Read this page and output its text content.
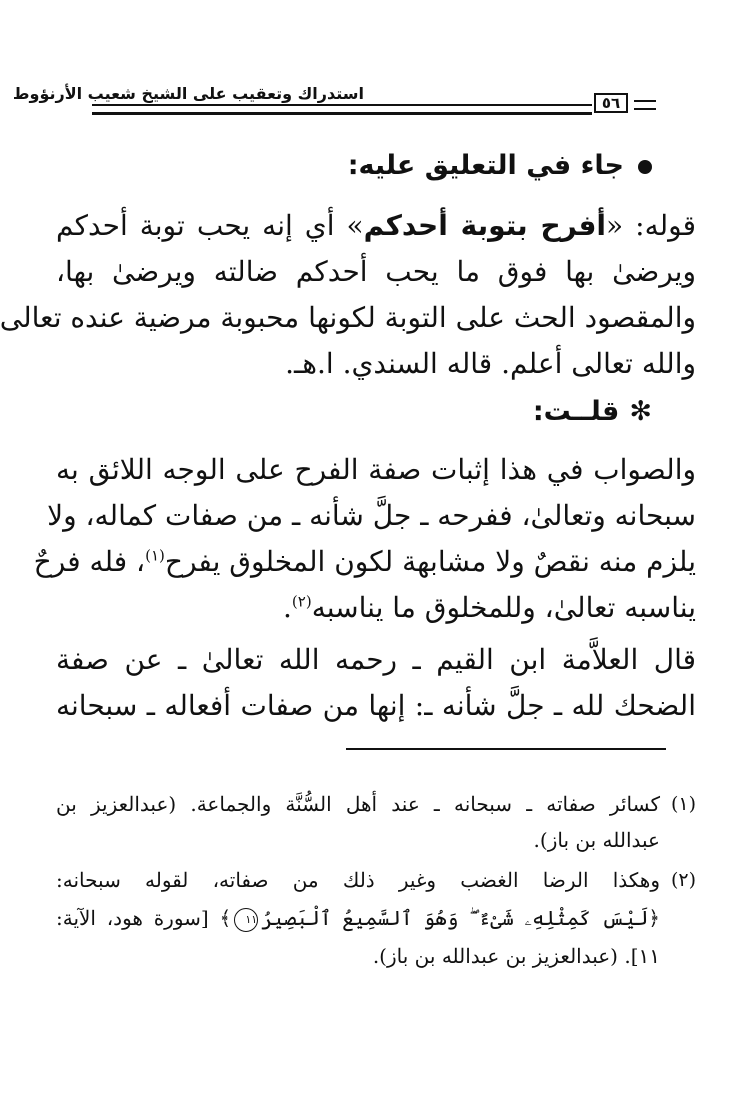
استدراك وتعقيب على الشيخ شعيب الأرنؤوط	٥٦
جاء في التعليق عليه:
قوله: «أفرح بتوبة أحدكم» أي إنه يحب توبة أحدكم
ويرضىٰ بها فوق ما يحب أحدكم ضالته ويرضىٰ بها،
والمقصود الحث على التوبة لكونها محبوبة مرضية عنده تعالى
والله تعالى أعلم. قاله السندي. ا.هـ.
✻قلــت:
والصواب في هذا إثبات صفة الفرح على الوجه اللائق به
سبحانه وتعالىٰ، ففرحه ـ جلَّ شأنه ـ من صفات كماله، ولا
يلزم منه نقصٌ ولا مشابهة لكون المخلوق يفرح$^{(١)}$، فله فرحٌ
يناسبه تعالىٰ، وللمخلوق ما يناسبه$^{(٢)}$.
قال العلاَّمة ابن القيم ـ رحمه الله تعالىٰ ـ عن صفة
الضحك لله ـ جلَّ شأنه ـ: إنها من صفات أفعاله ـ سبحانه
(١)
كسائر صفاته ـ سبحانه ـ عند أهل السُّنَّة والجماعة. (عبدالعزيز بن
عبدالله بن باز).
(٢)
وهكذا الرضا الغضب وغير ذلك من صفاته، لقوله سبحانه:
﴿لَيْسَ كَمِثْلِهِۦ شَىْءٌ ۖ وَهُوَ ٱلسَّمِيعُ ٱلْبَصِيرُ١١﴾ [سورة هود، الآية:
١١]. (عبدالعزيز بن عبدالله بن باز).
